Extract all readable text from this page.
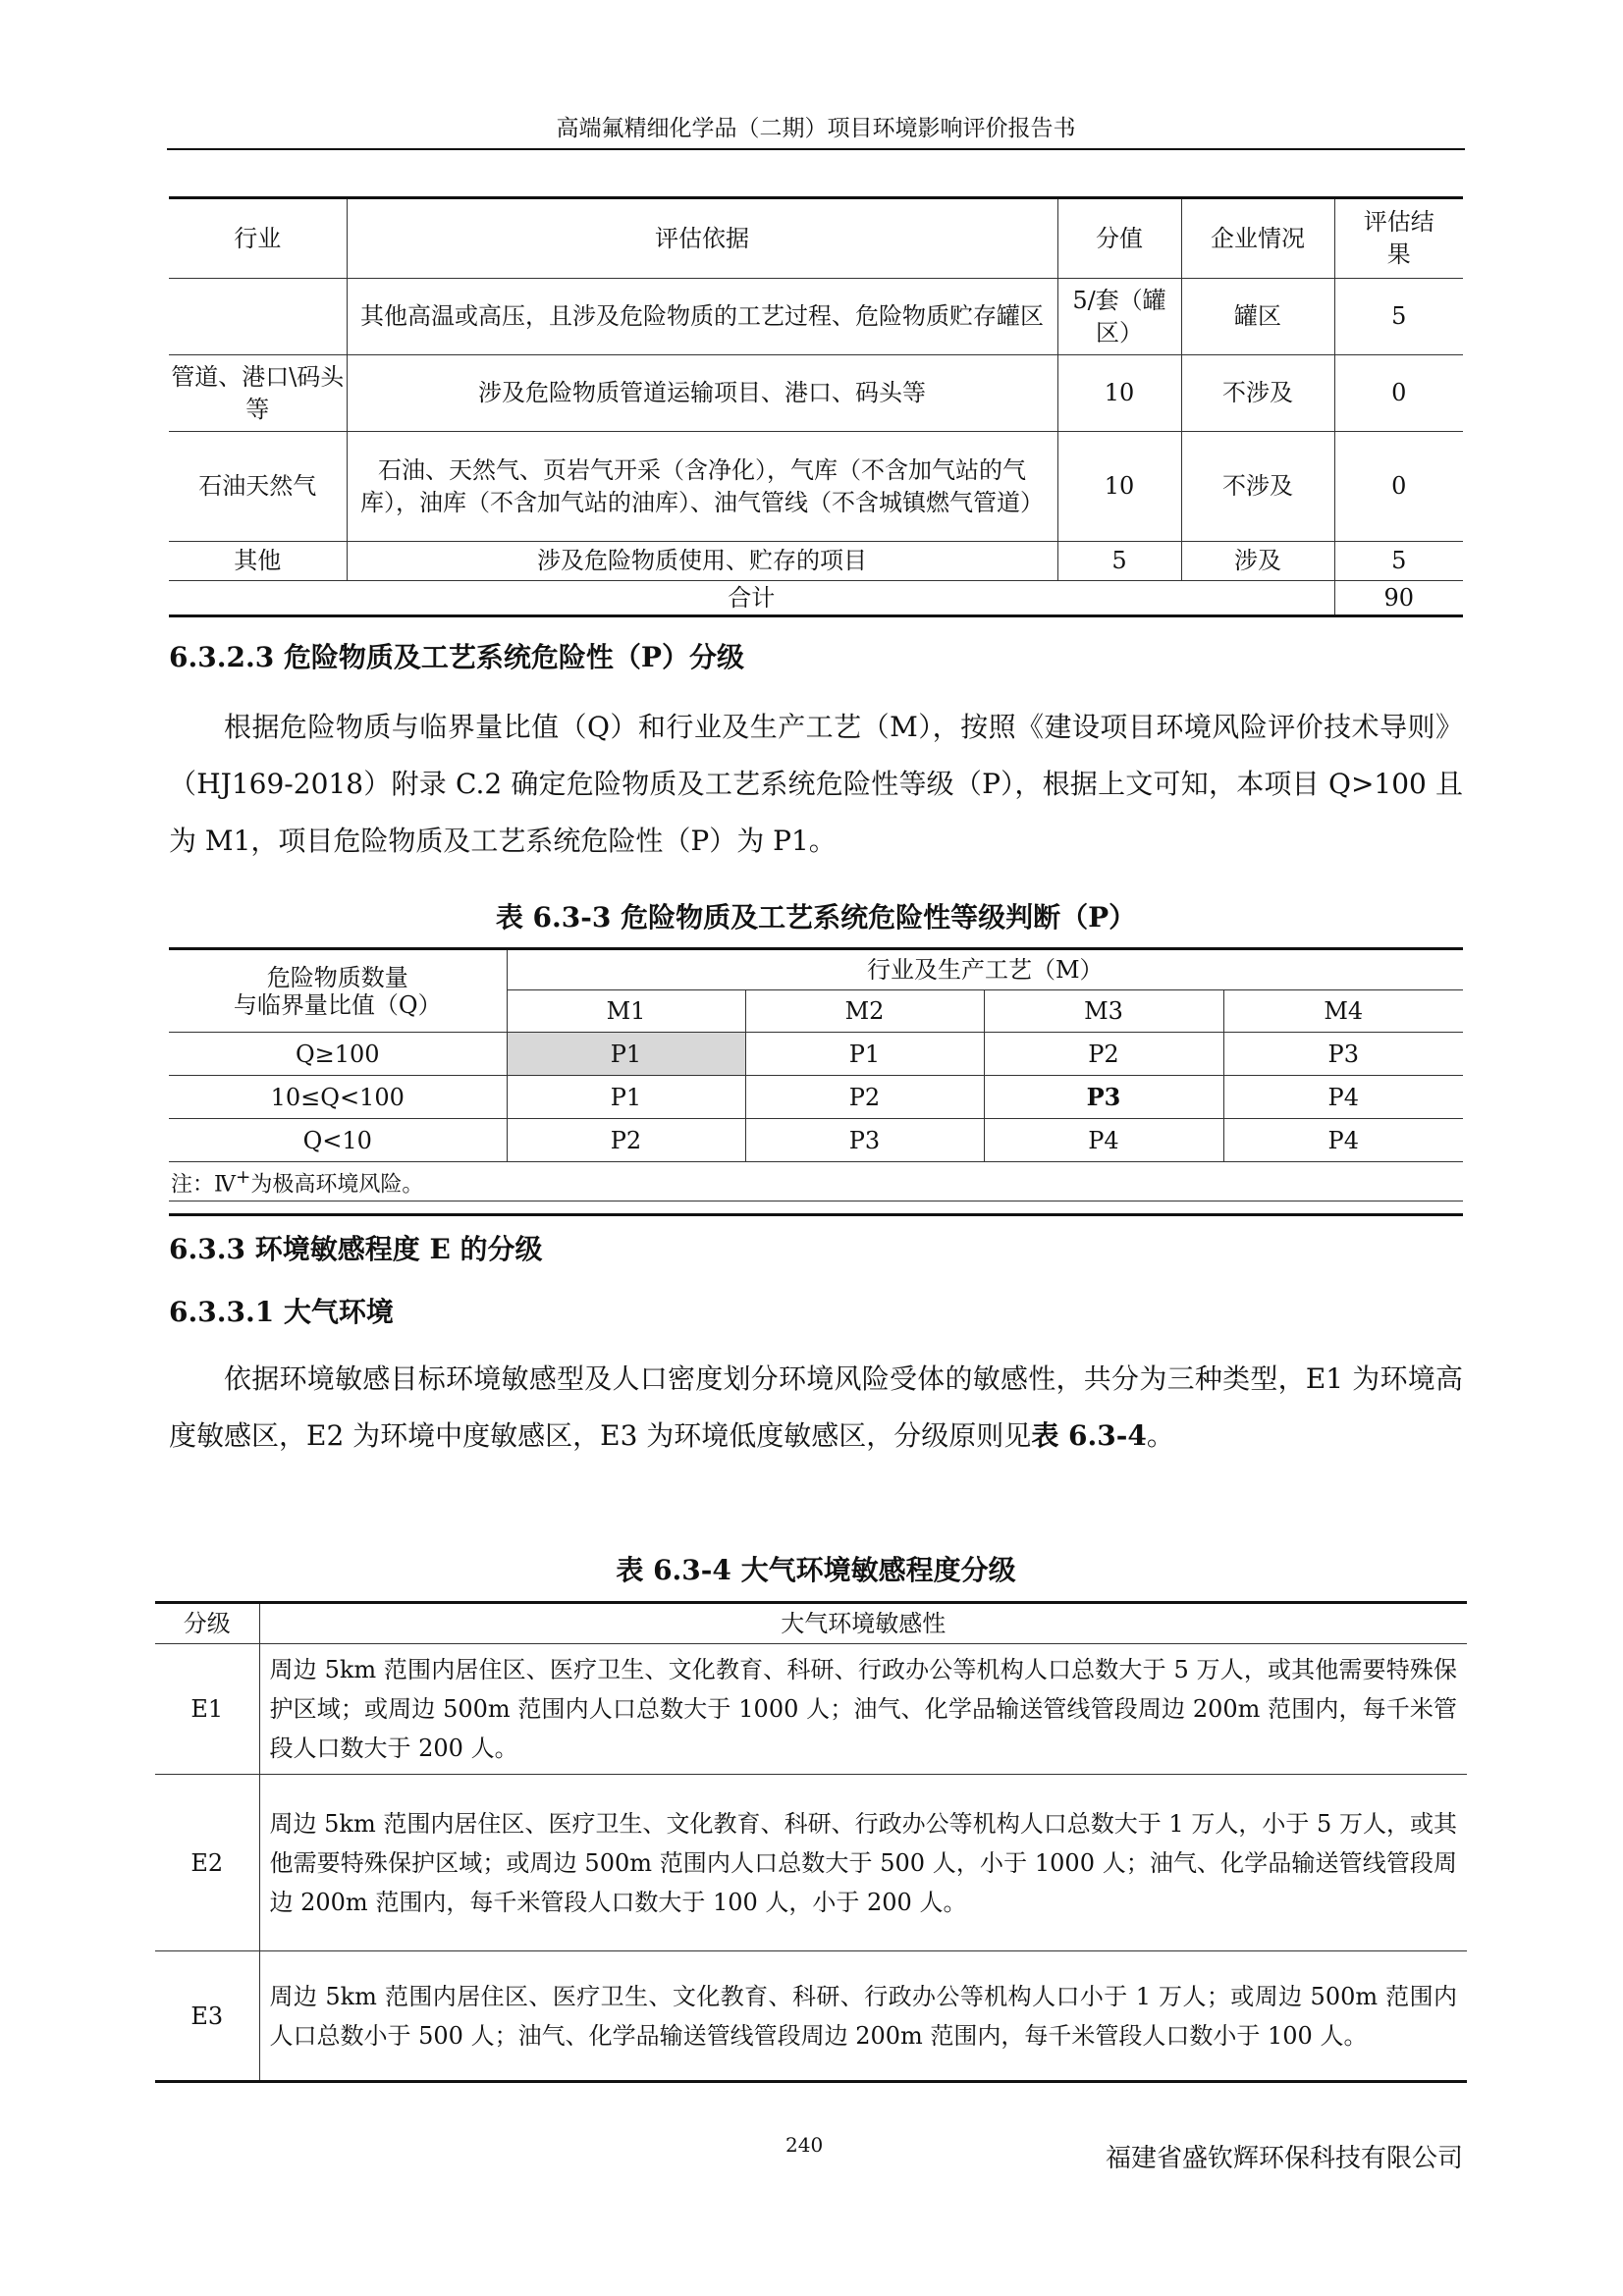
高端氟精细化学品（二期）项目环境影响评价报告书
行业	评估依据	分值	企业情况	评估结果
	其他高温或高压，且涉及危险物质的工艺过程、危险物质贮存罐区	5/套（罐区）	罐区	5
管道、港口\码头等	涉及危险物质管道运输项目、港口、码头等	10	不涉及	0
石油天然气	石油、天然气、页岩气开采（含净化），气库（不含加气站的气库），油库（不含加气站的油库）、油气管线（不含城镇燃气管道）	10	不涉及	0
其他	涉及危险物质使用、贮存的项目	5	涉及	5
合计				90
6.3.2.3 危险物质及工艺系统危险性（P）分级
根据危险物质与临界量比值（Q）和行业及生产工艺（M），按照《建设项目环境风险评价技术导则》（HJ169-2018）附录 C.2 确定危险物质及工艺系统危险性等级（P），根据上文可知，本项目 Q>100 且为 M1，项目危险物质及工艺系统危险性（P）为 P1。
表 6.3-3 危险物质及工艺系统危险性等级判断（P）
危险物质数量
与临界量比值（Q）	行业及生产工艺（M）			
	M1	M2	M3	M4
Q≥100	P1	P1	P2	P3
10≤Q<100	P1	P2	P3	P4
Q<10	P2	P3	P4	P4
注：Ⅳ+为极高环境风险。				
6.3.3 环境敏感程度 E 的分级
6.3.3.1 大气环境
依据环境敏感目标环境敏感型及人口密度划分环境风险受体的敏感性，共分为三种类型，E1 为环境高度敏感区，E2 为环境中度敏感区，E3 为环境低度敏感区，分级原则见表 6.3-4。
表 6.3-4 大气环境敏感程度分级
分级	大气环境敏感性
E1	周边 5km 范围内居住区、医疗卫生、文化教育、科研、行政办公等机构人口总数大于 5 万人，或其他需要特殊保护区域；或周边 500m 范围内人口总数大于 1000 人；油气、化学品输送管线管段周边 200m 范围内，每千米管段人口数大于 200 人。
E2	周边 5km 范围内居住区、医疗卫生、文化教育、科研、行政办公等机构人口总数大于 1 万人，小于 5 万人，或其他需要特殊保护区域；或周边 500m 范围内人口总数大于 500 人，小于 1000 人；油气、化学品输送管线管段周边 200m 范围内，每千米管段人口数大于 100 人，小于 200 人。
E3	周边 5km 范围内居住区、医疗卫生、文化教育、科研、行政办公等机构人口小于 1 万人；或周边 500m 范围内人口总数小于 500 人；油气、化学品输送管线管段周边 200m 范围内，每千米管段人口数小于 100 人。
240	福建省盛钦辉环保科技有限公司
